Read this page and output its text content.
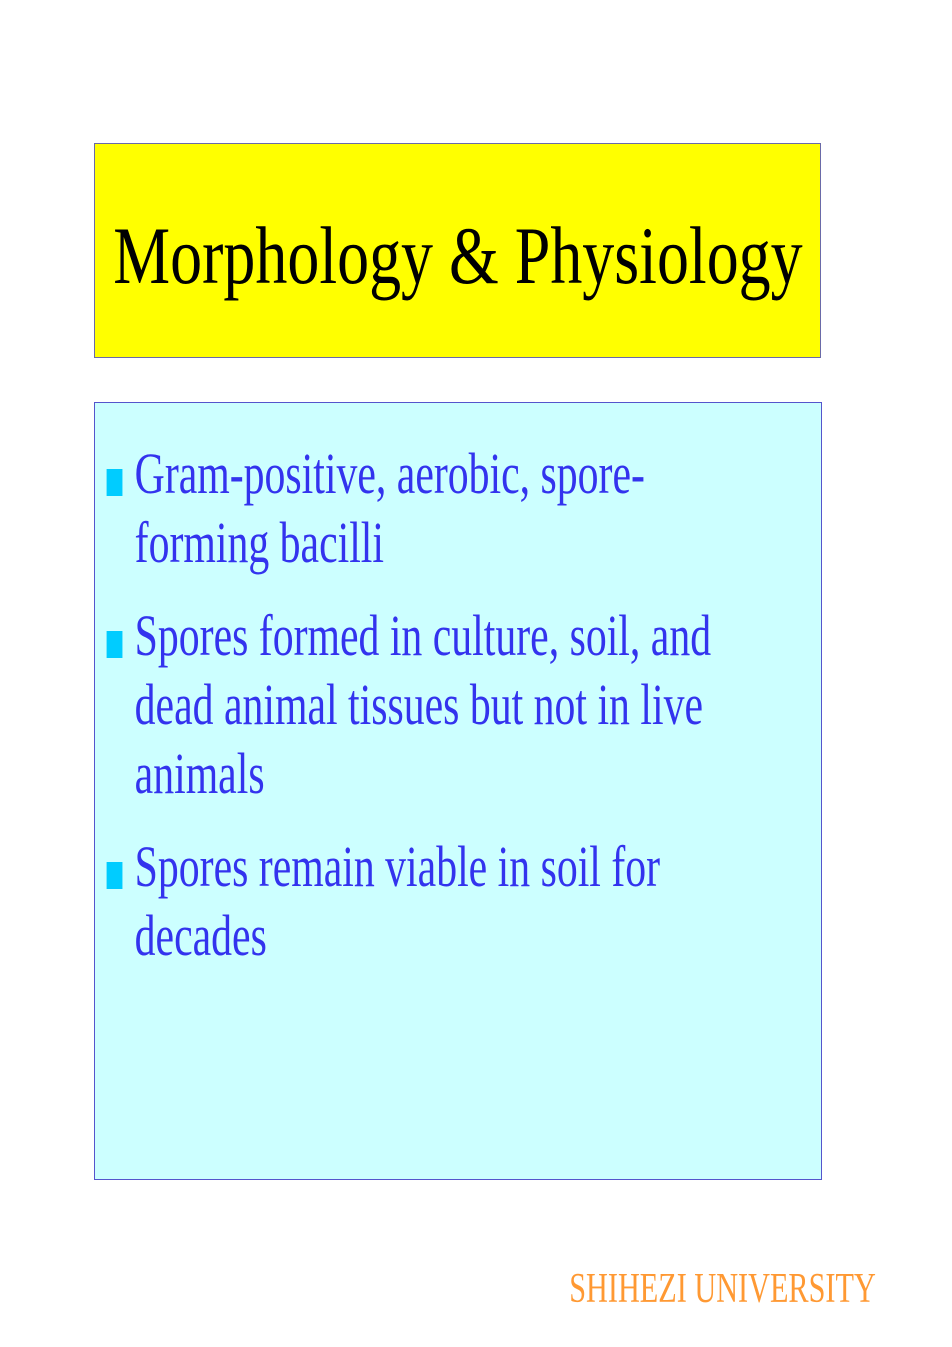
Morphology & Physiology
Gram-positive, aerobic, spore-forming bacilli
Spores formed in culture, soil, and dead animal tissues but not in live animals
Spores remain viable in soil for decades
SHIHEZI UNIVERSITY
